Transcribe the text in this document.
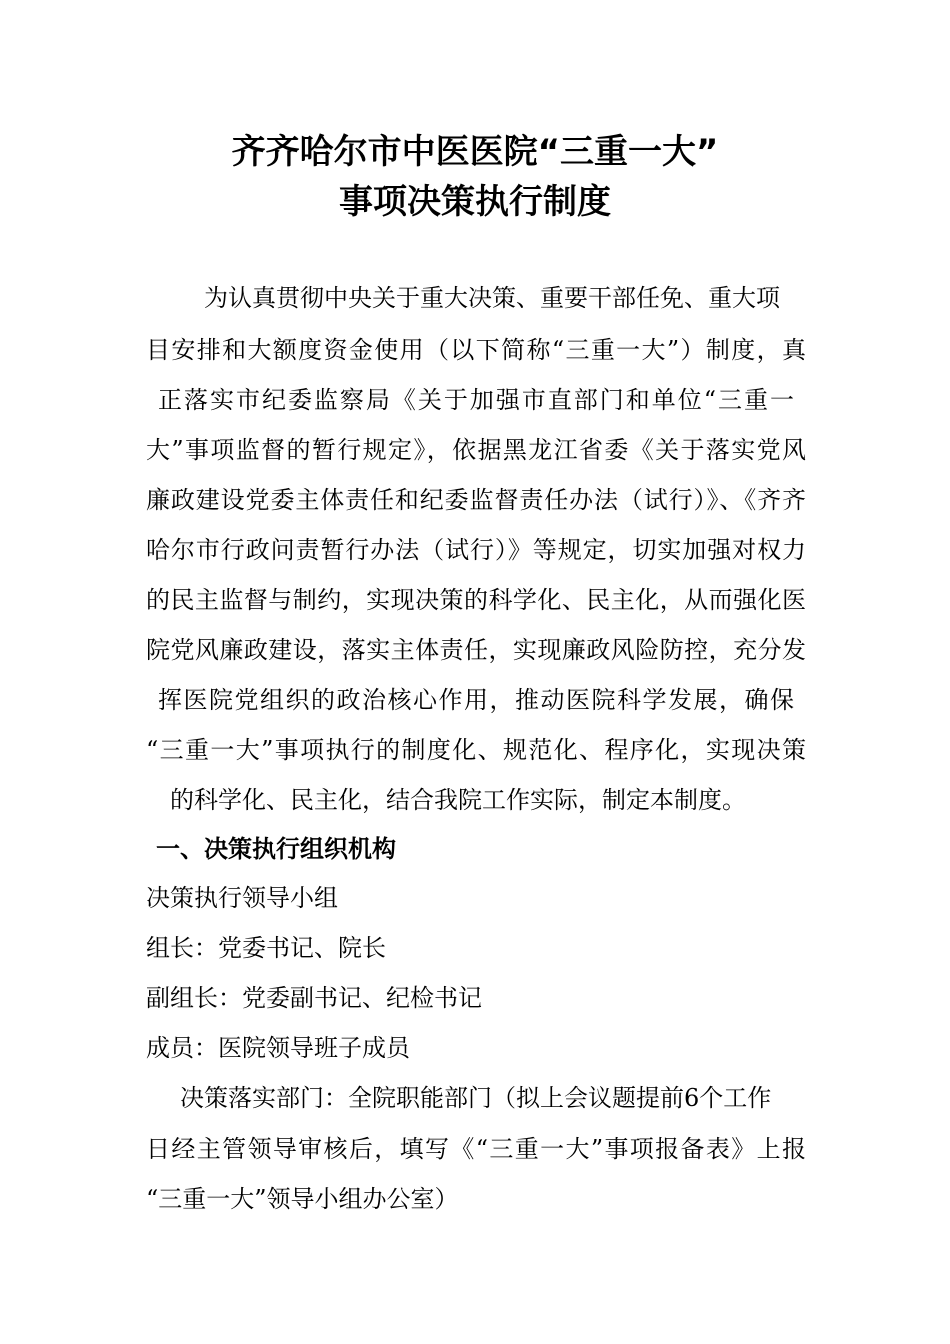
齐齐哈尔市中医医院“三重一大”
事项决策执行制度
为认真贯彻中央关于重大决策、重要干部任免、重大项
目安排和大额度资金使用（以下简称“三重一大”）制度，真
正落实市纪委监察局《关于加强市直部门和单位“三重一
大”事项监督的暂行规定》，依据黑龙江省委《关于落实党风
廉政建设党委主体责任和纪委监督责任办法（试行）》、《齐齐
哈尔市行政问责暂行办法（试行）》等规定，切实加强对权力
的民主监督与制约，实现决策的科学化、民主化，从而强化医
院党风廉政建设，落实主体责任，实现廉政风险防控，充分发
挥医院党组织的政治核心作用，推动医院科学发展，确保
“三重一大”事项执行的制度化、规范化、程序化，实现决策
的科学化、民主化，结合我院工作实际，制定本制度。
一、决策执行组织机构
决策执行领导小组
组长：党委书记、院长
副组长：党委副书记、纪检书记
成员：医院领导班子成员
决策落实部门：全院职能部门（拟上会议题提前6个工作
日经主管领导审核后，填写《“三重一大”事项报备表》上报
“三重一大”领导小组办公室）
